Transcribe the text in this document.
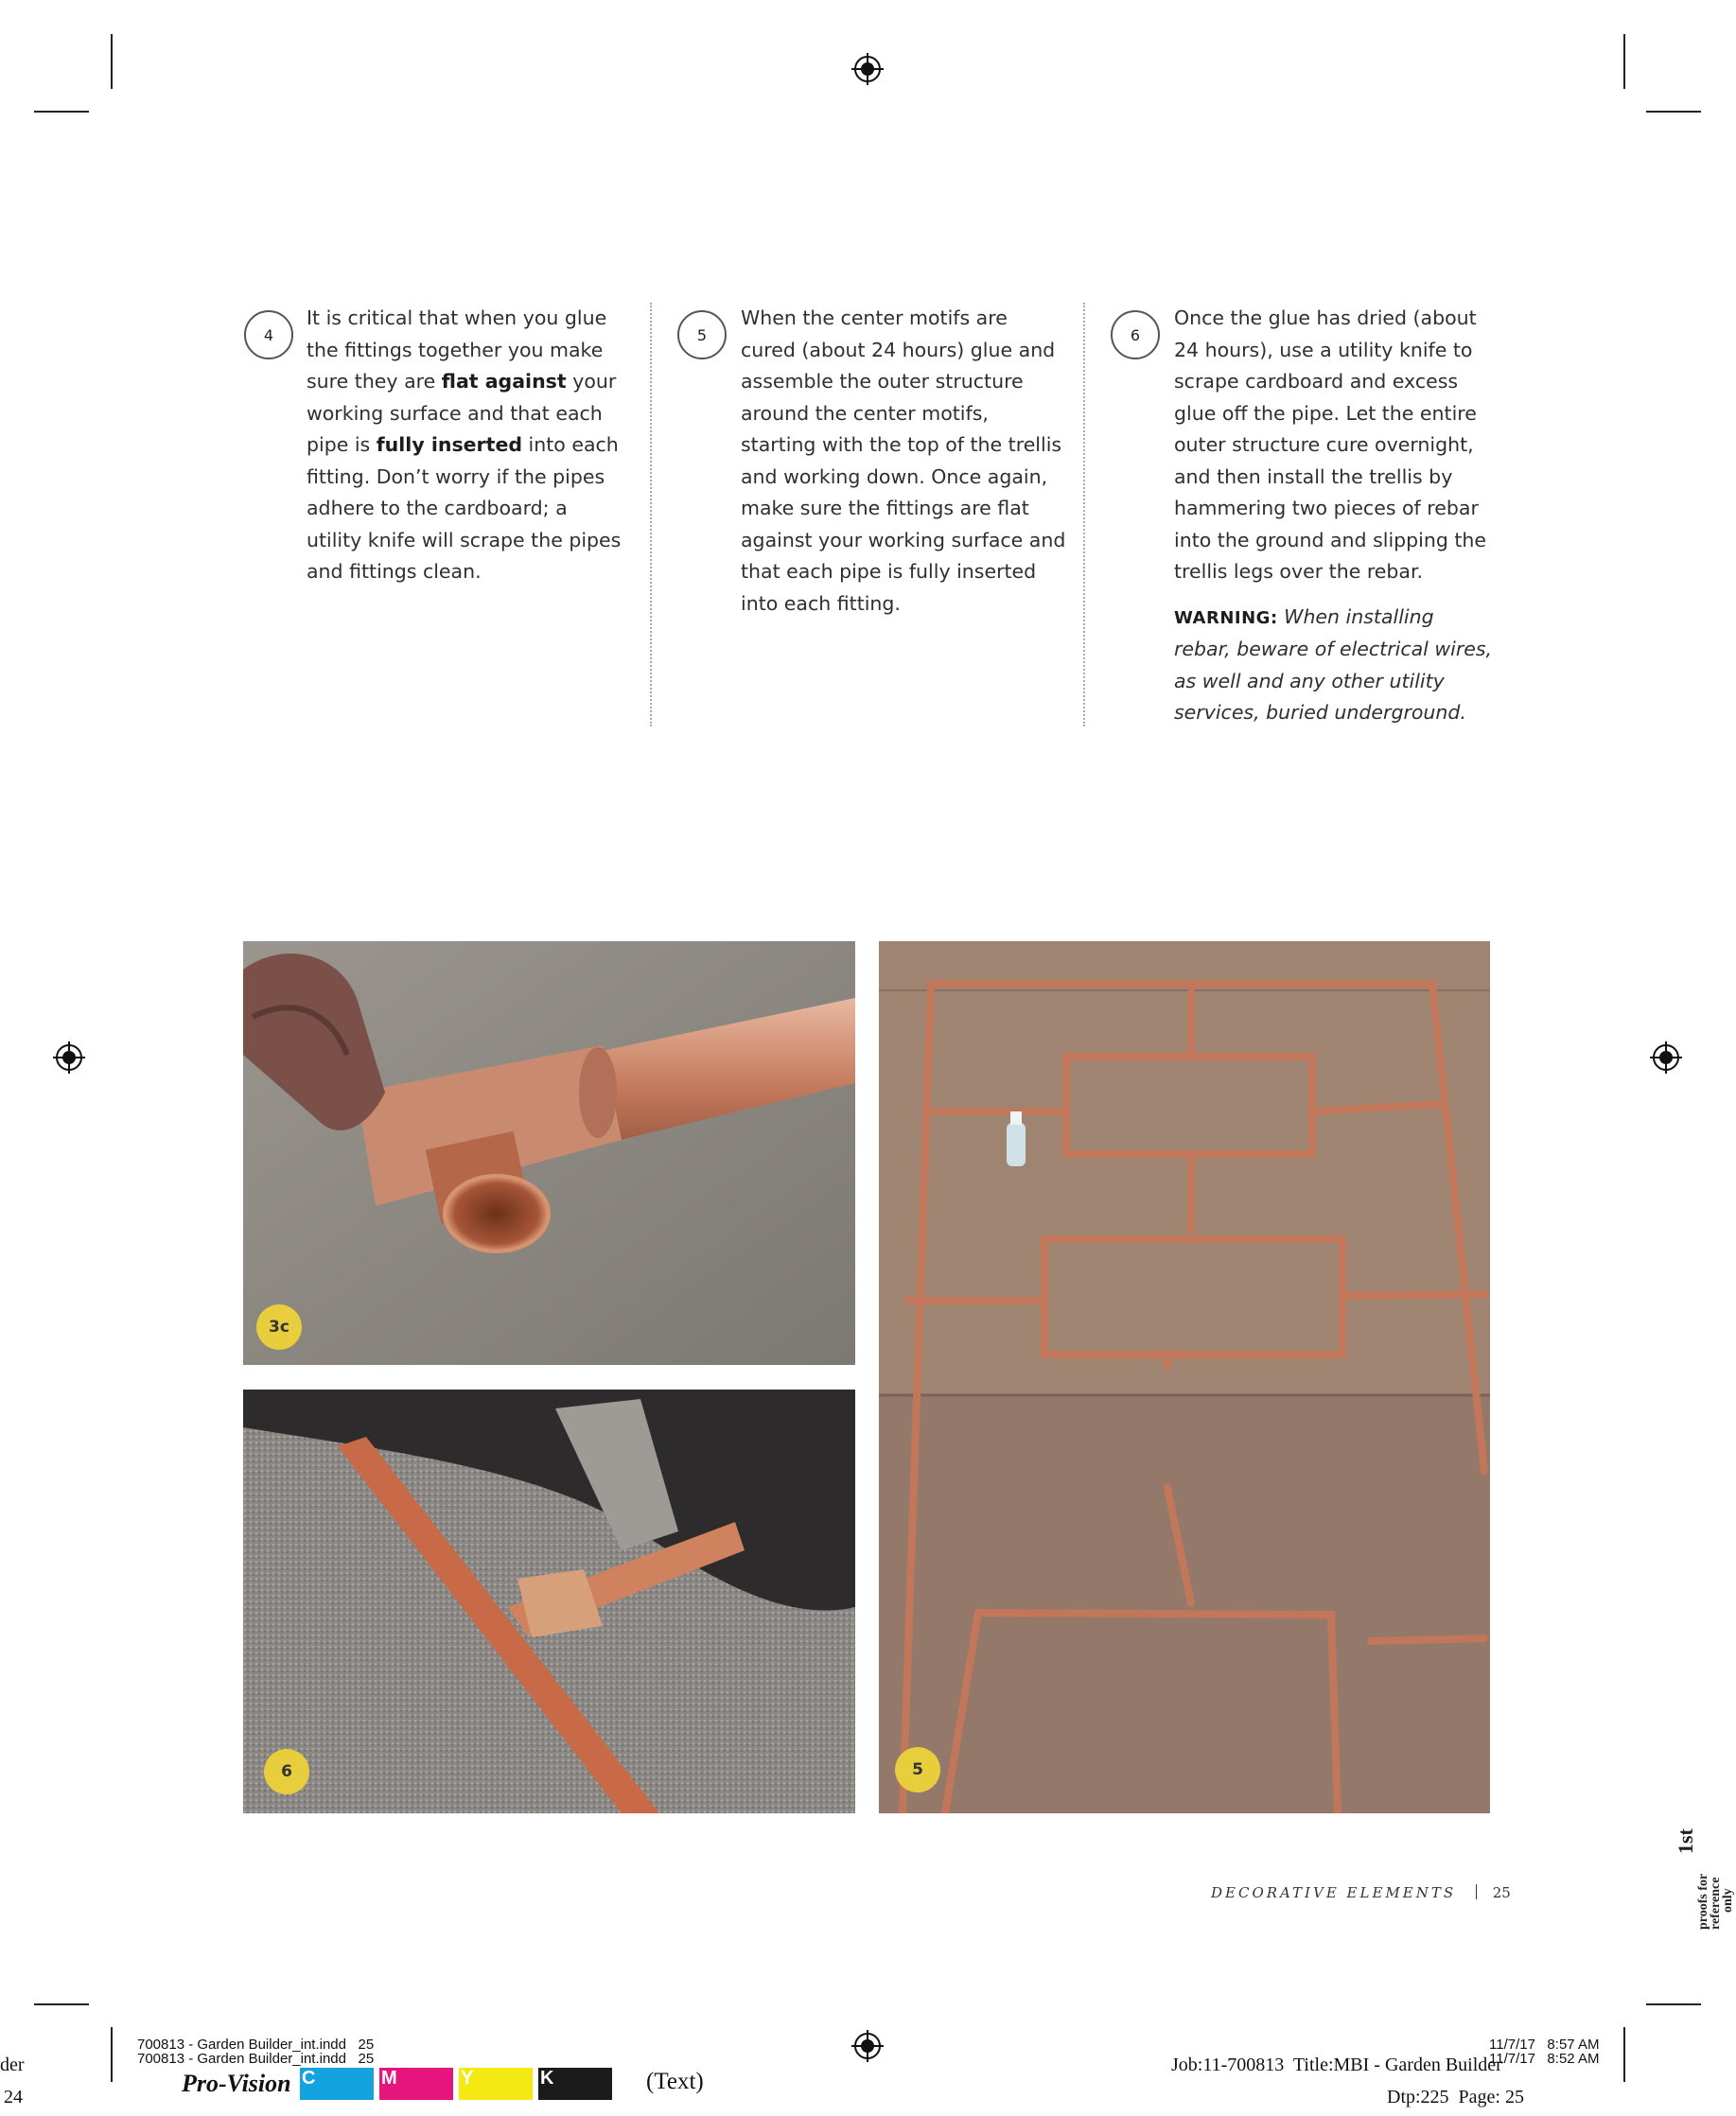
4
It is critical that when you glue the fittings together you make sure they are flat against your working surface and that each pipe is fully inserted into each fitting. Don’t worry if the pipes adhere to the cardboard; a utility knife will scrape the pipes and fittings clean.
5
When the center motifs are cured (about 24 hours) glue and assemble the outer structure around the center motifs, starting with the top of the trellis and working down. Once again, make sure the fittings are flat against your working surface and that each pipe is fully inserted into each fitting.
6
Once the glue has dried (about 24 hours), use a utility knife to scrape cardboard and excess glue off the pipe. Let the entire outer structure cure overnight, and then install the trellis by hammering two pieces of rebar into the ground and slipping the trellis legs over the rebar.
WARNING: When installing rebar, beware of electrical wires, as well and any other utility services, buried underground.
3c
6	5
DECORATIVE ELEMENTS	25
1st
proofs for
reference
only
der
24
700813 - Garden Builder_int.indd   25
700813 - Garden Builder_int.indd   25
Pro-Vision C	M	Y	K	(Text)
11/7/17   8:57 AM
11/7/17   8:52 AM
Job:11-700813  Title:MBI - Garden Builder
Dtp:225  Page: 25
